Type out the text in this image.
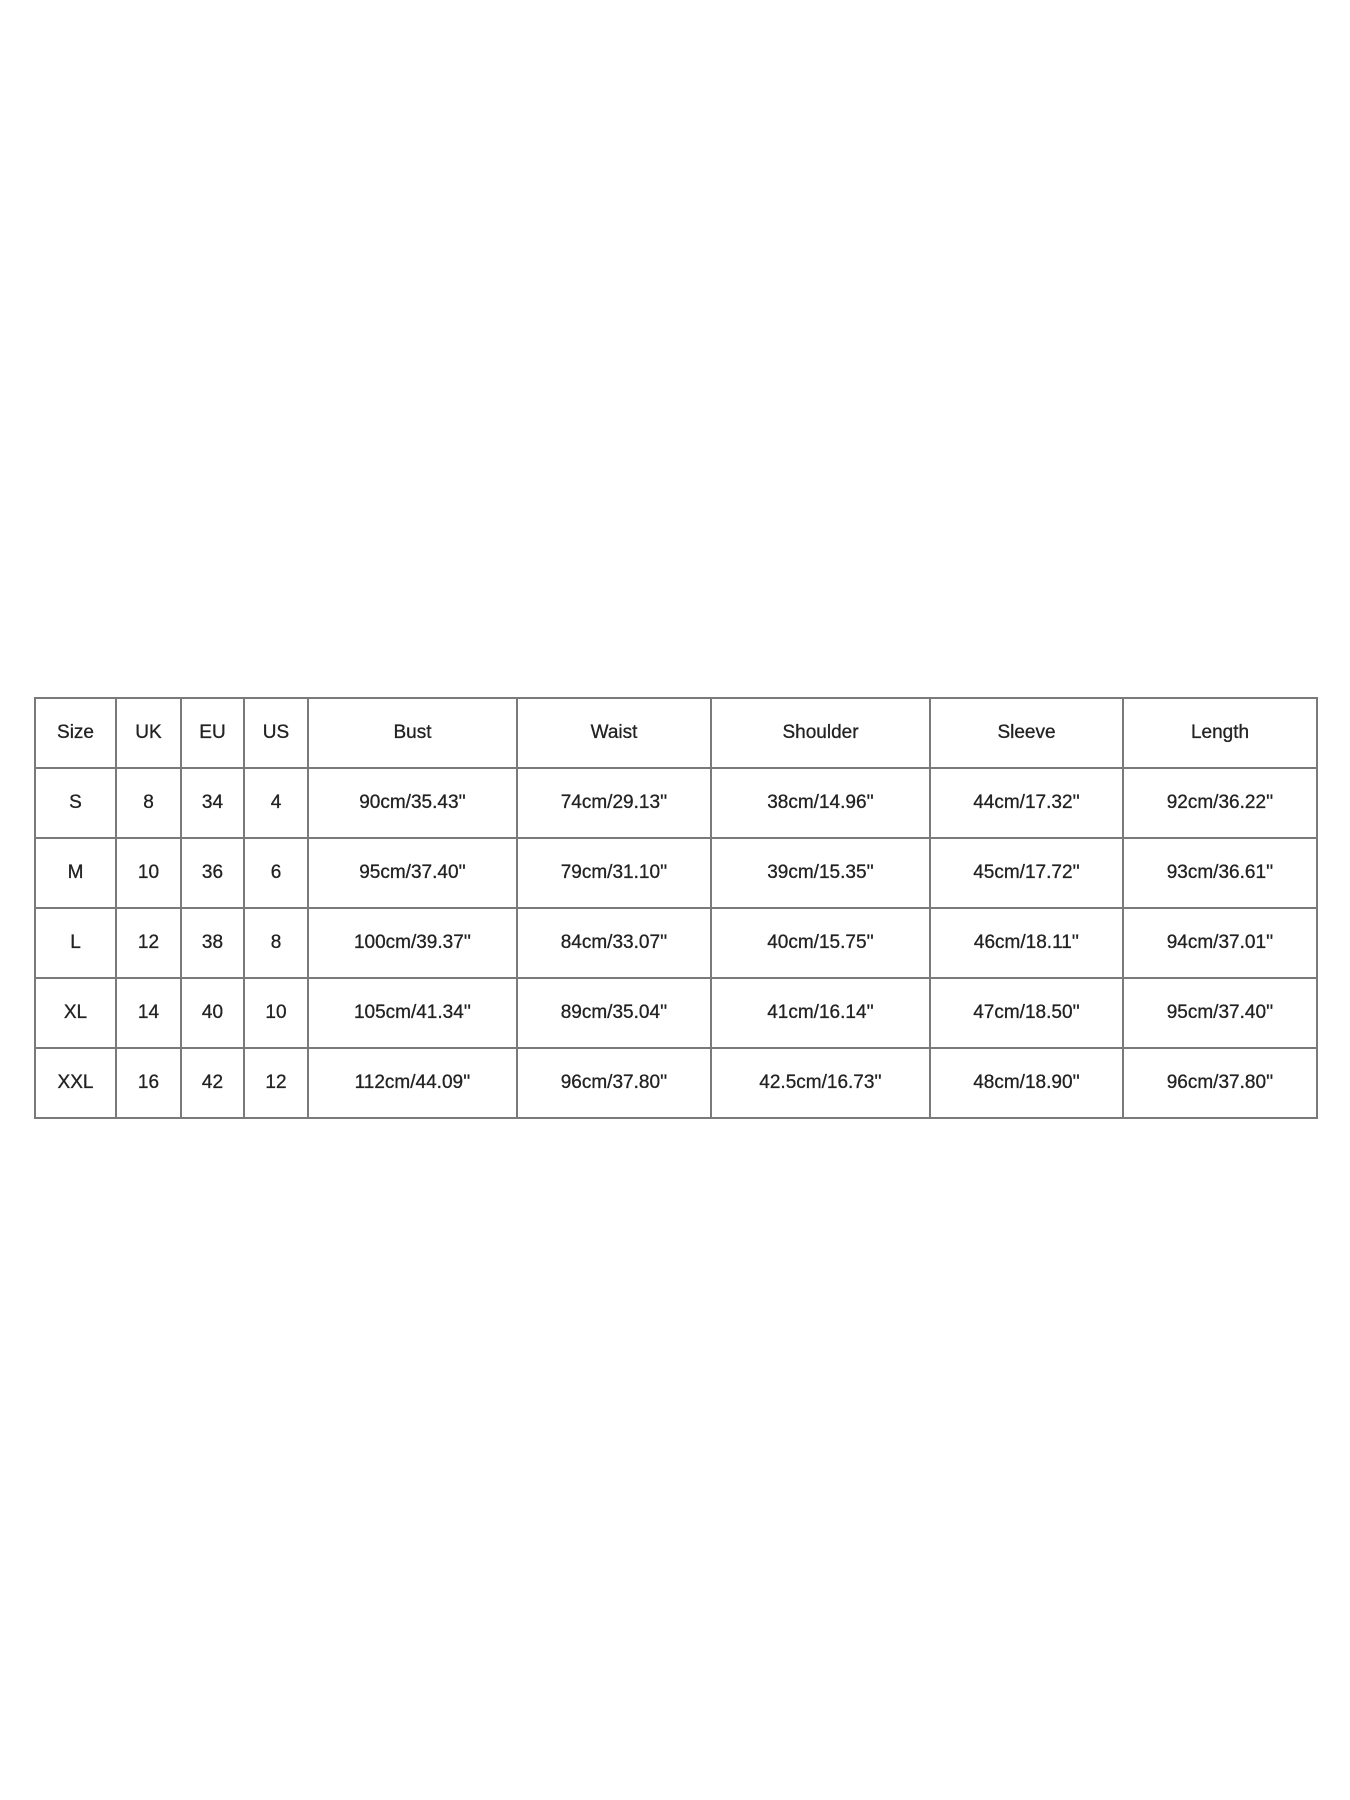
Size	UK	EU	US	Bust	Waist	Shoulder	Sleeve	Length
S	8	34	4	90cm/35.43''	74cm/29.13''	38cm/14.96''	44cm/17.32''	92cm/36.22''
M	10	36	6	95cm/37.40''	79cm/31.10''	39cm/15.35''	45cm/17.72''	93cm/36.61''
L	12	38	8	100cm/39.37''	84cm/33.07''	40cm/15.75''	46cm/18.11''	94cm/37.01''
XL	14	40	10	105cm/41.34''	89cm/35.04''	41cm/16.14''	47cm/18.50''	95cm/37.40''
XXL	16	42	12	112cm/44.09''	96cm/37.80''	42.5cm/16.73''	48cm/18.90''	96cm/37.80''
